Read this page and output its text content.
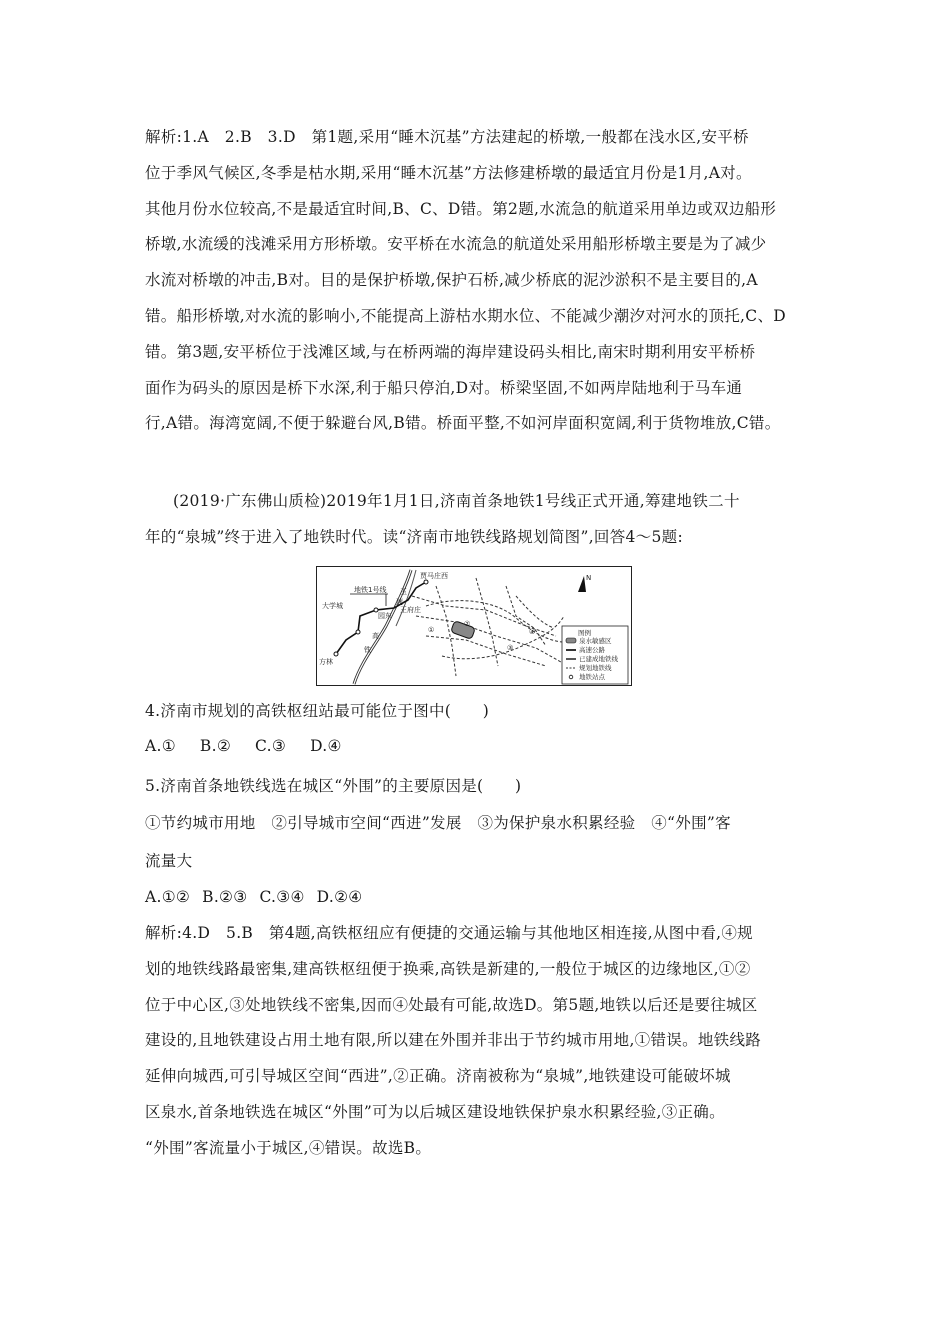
解析:1.A　2.B　3.D　第1题,采用“睡木沉基”方法建起的桥墩,一般都在浅水区,安平桥
位于季风气候区,冬季是枯水期,采用“睡木沉基”方法修建桥墩的最适宜月份是1月,A对。
其他月份水位较高,不是最适宜时间,B、C、D错。第2题,水流急的航道采用单边或双边船形
桥墩,水流缓的浅滩采用方形桥墩。安平桥在水流急的航道处采用船形桥墩主要是为了减少
水流对桥墩的冲击,B对。目的是保护桥墩,保护石桥,减少桥底的泥沙淤积不是主要目的,A
错。船形桥墩,对水流的影响小,不能提高上游枯水期水位、不能减少潮汐对河水的顶托,C、D
错。第3题,安平桥位于浅滩区域,与在桥两端的海岸建设码头相比,南宋时期利用安平桥桥
面作为码头的原因是桥下水深,利于船只停泊,D对。桥梁坚固,不如两岸陆地利于马车通
行,A错。海湾宽阔,不便于躲避台风,B错。桥面平整,不如河岸面积宽阔,利于货物堆放,C错。
(2019·广东佛山质检)2019年1月1日,济南首条地铁1号线正式开通,筹建地铁二十
年的“泉城”终于进入了地铁时代。读“济南市地铁线路规划简图”,回答4～5题:
①
②
③
④
地铁1号线
大学城
贾马庄西
王府庄
高
铁
速
玉
方林
园东
N
图例
泉水敏感区
高速公路
已建成地铁线
规划地铁线
地铁站点
4.济南市规划的高铁枢纽站最可能位于图中(　　)
A.① B.② C.③ D.④
5.济南首条地铁线选在城区“外围”的主要原因是(　　)
①节约城市用地　②引导城市空间“西进”发展　③为保护泉水积累经验　④“外围”客
流量大
A.①② B.②③ C.③④ D.②④
解析:4.D　5.B　第4题,高铁枢纽应有便捷的交通运输与其他地区相连接,从图中看,④规
划的地铁线路最密集,建高铁枢纽便于换乘,高铁是新建的,一般位于城区的边缘地区,①②
位于中心区,③处地铁线不密集,因而④处最有可能,故选D。第5题,地铁以后还是要往城区
建设的,且地铁建设占用土地有限,所以建在外围并非出于节约城市用地,①错误。地铁线路
延伸向城西,可引导城区空间“西进”,②正确。济南被称为“泉城”,地铁建设可能破坏城
区泉水,首条地铁选在城区“外围”可为以后城区建设地铁保护泉水积累经验,③正确。
“外围”客流量小于城区,④错误。故选B。
